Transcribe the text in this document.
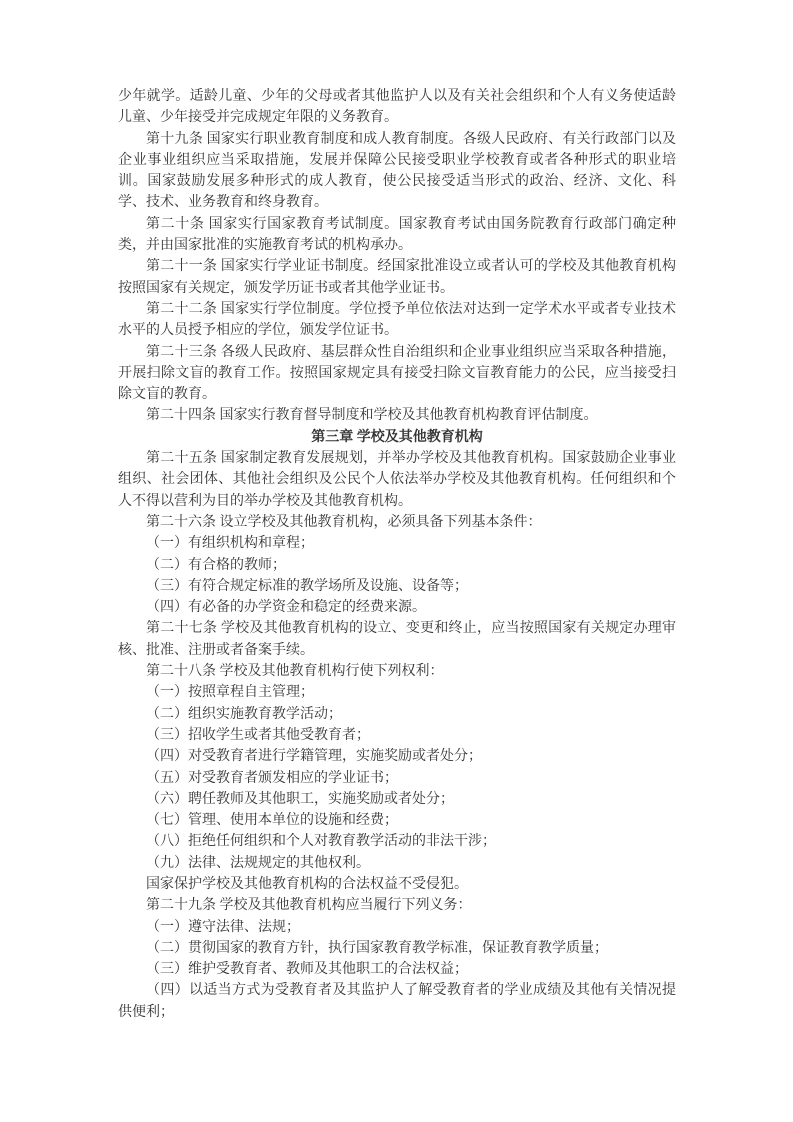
少年就学。适龄儿童、少年的父母或者其他监护人以及有关社会组织和个人有义务使适龄儿童、少年接受并完成规定年限的义务教育。

第十九条 国家实行职业教育制度和成人教育制度。各级人民政府、有关行政部门以及企业事业组织应当采取措施，发展并保障公民接受职业学校教育或者各种形式的职业培训。国家鼓励发展多种形式的成人教育，使公民接受适当形式的政治、经济、文化、科学、技术、业务教育和终身教育。

第二十条 国家实行国家教育考试制度。国家教育考试由国务院教育行政部门确定种类，并由国家批准的实施教育考试的机构承办。

第二十一条 国家实行学业证书制度。经国家批准设立或者认可的学校及其他教育机构按照国家有关规定，颁发学历证书或者其他学业证书。

第二十二条 国家实行学位制度。学位授予单位依法对达到一定学术水平或者专业技术水平的人员授予相应的学位，颁发学位证书。

第二十三条 各级人民政府、基层群众性自治组织和企业事业组织应当采取各种措施，开展扫除文盲的教育工作。按照国家规定具有接受扫除文盲教育能力的公民，应当接受扫除文盲的教育。

第二十四条 国家实行教育督导制度和学校及其他教育机构教育评估制度。

第三章 学校及其他教育机构

第二十五条 国家制定教育发展规划，并举办学校及其他教育机构。国家鼓励企业事业组织、社会团体、其他社会组织及公民个人依法举办学校及其他教育机构。任何组织和个人不得以营利为目的举办学校及其他教育机构。

第二十六条 设立学校及其他教育机构，必须具备下列基本条件：

（一）有组织机构和章程；

（二）有合格的教师；

（三）有符合规定标准的教学场所及设施、设备等；

（四）有必备的办学资金和稳定的经费来源。

第二十七条 学校及其他教育机构的设立、变更和终止，应当按照国家有关规定办理审核、批准、注册或者备案手续。

第二十八条 学校及其他教育机构行使下列权利：

（一）按照章程自主管理；

（二）组织实施教育教学活动；

（三）招收学生或者其他受教育者；

（四）对受教育者进行学籍管理，实施奖励或者处分；

（五）对受教育者颁发相应的学业证书；

（六）聘任教师及其他职工，实施奖励或者处分；

（七）管理、使用本单位的设施和经费；

（八）拒绝任何组织和个人对教育教学活动的非法干涉；

（九）法律、法规规定的其他权利。

国家保护学校及其他教育机构的合法权益不受侵犯。

第二十九条 学校及其他教育机构应当履行下列义务：

（一）遵守法律、法规；

（二）贯彻国家的教育方针，执行国家教育教学标准，保证教育教学质量；

（三）维护受教育者、教师及其他职工的合法权益；

（四）以适当方式为受教育者及其监护人了解受教育者的学业成绩及其他有关情况提供便利；
